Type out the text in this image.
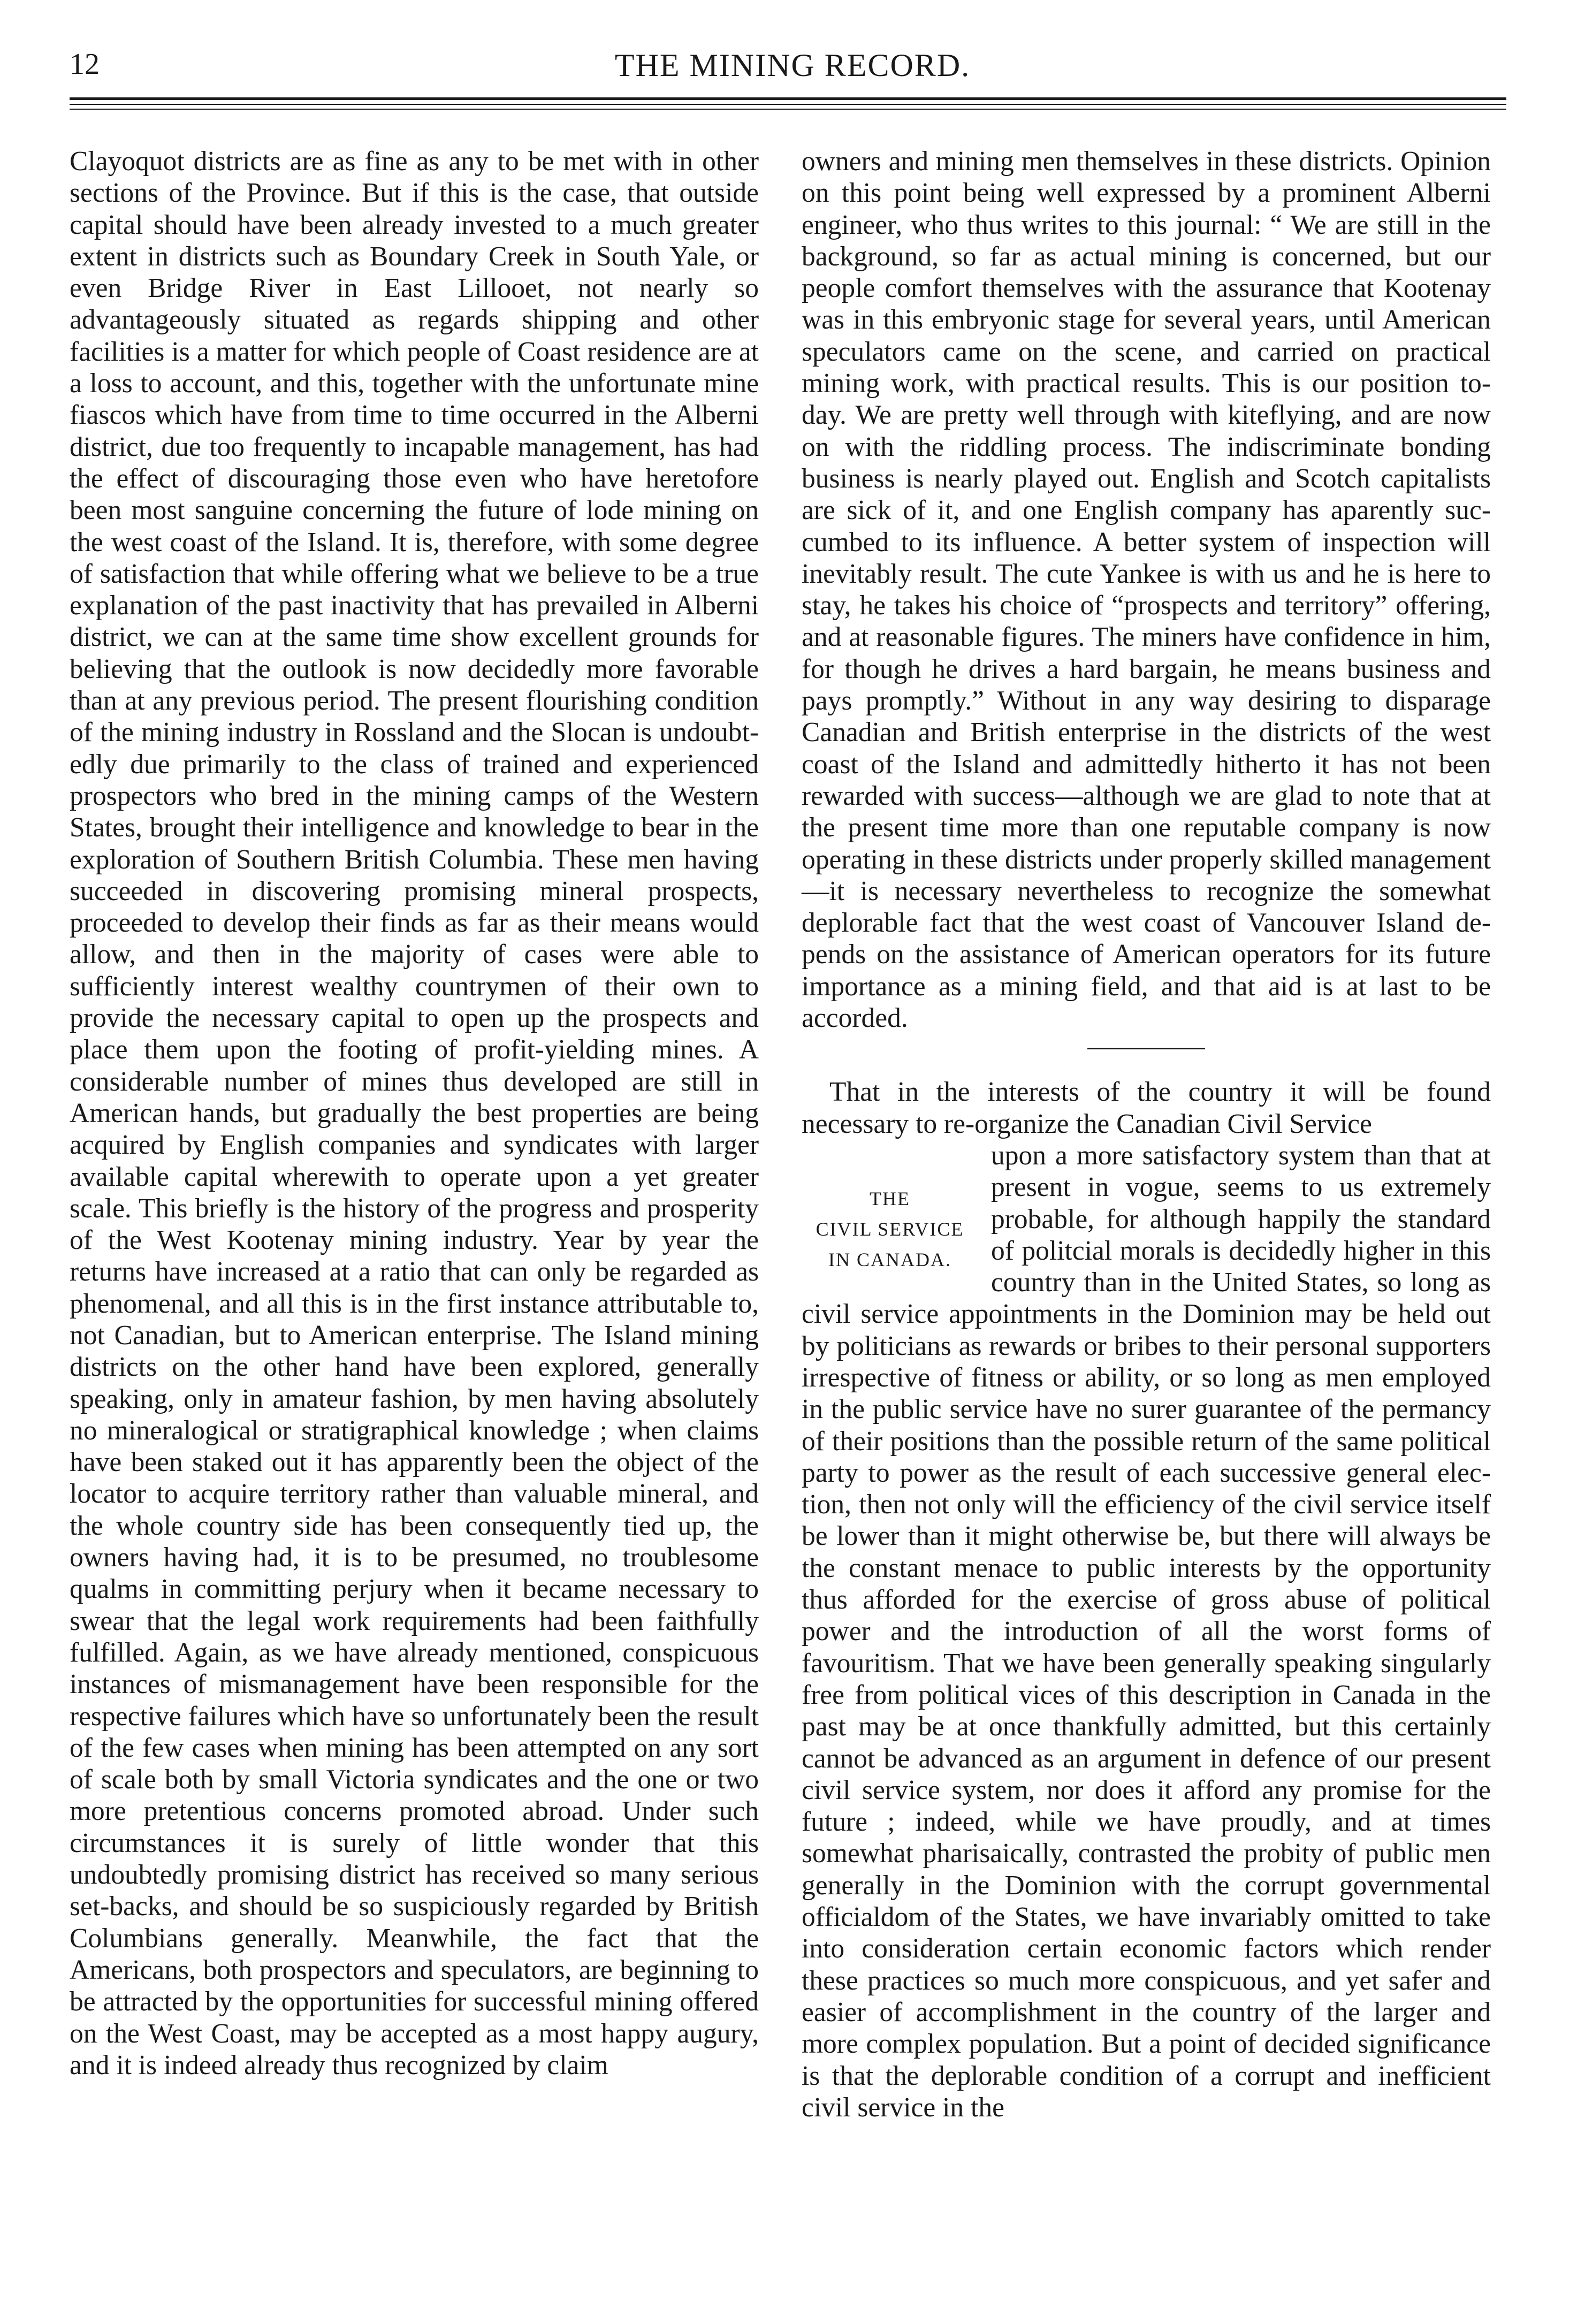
12	THE MINING RECORD.

Clayoquot districts are as fine as any to be met with in other sections of the Province. But if this is the case, that outside capital should have been already invested to a much greater extent in districts such as Boundary Creek in South Yale, or even Bridge River in East Lillooet, not nearly so advantageously situated as regards shipping and other facilities is a matter for which people of Coast residence are at a loss to account, and this, together with the unfortunate mine fiascos which have from time to time occurred in the Alberni district, due too frequently to incapable management, has had the effect of discouraging those even who have heretofore been most sanguine concerning the future of lode mining on the west coast of the Island. It is, therefore, with some degree of satisfaction that while offering what we believe to be a true explanation of the past inactivity that has prevailed in Alberni district, we can at the same time show excellent grounds for believing that the outlook is now decidedly more favorable than at any previous period. The present flourishing condition of the mining industry in Rossland and the Slocan is undoubtedly due primarily to the class of trained and experienced prospectors who bred in the mining camps of the Western States, brought their intelligence and knowledge to bear in the exploration of Southern British Columbia. These men having succeeded in discovering promising mineral prospects, proceeded to develop their finds as far as their means would allow, and then in the majority of cases were able to sufficiently interest wealthy countrymen of their own to provide the necessary capital to open up the prospects and place them upon the footing of profit-yielding mines. A considerable number of mines thus developed are still in American hands, but gradually the best properties are being acquired by English companies and syndicates with larger available capital wherewith to operate upon a yet greater scale. This briefly is the history of the progress and prosperity of the West Kootenay mining industry. Year by year the returns have increased at a ratio that can only be regarded as phenomenal, and all this is in the first instance attributable to, not Canadian, but to American enterprise. The Island mining districts on the other hand have been explored, generally speaking, only in amateur fashion, by men having absolutely no mineralogical or stratigraphical knowledge ; when claims have been staked out it has apparently been the object of the locator to acquire territory rather than valuable mineral, and the whole country side has been consequently tied up, the owners having had, it is to be presumed, no troublesome qualms in committing perjury when it became necessary to swear that the legal work requirements had been faithfully fulfilled. Again, as we have already mentioned, conspicuous instances of mismanagement have been responsible for the respective failures which have so unfortunately been the result of the few cases when mining has been attempted on any sort of scale both by small Victoria syndicates and the one or two more pretentious concerns promoted abroad. Under such circumstances it is surely of little wonder that this undoubtedly promising district has received so many serious set-backs, and should be so suspiciously regarded by British Columbians generally. Meanwhile, the fact that the Americans, both prospectors and speculators, are beginning to be attracted by the opportunities for successful mining offered on the West Coast, may be accepted as a most happy augury, and it is indeed already thus recognized by claim

owners and mining men themselves in these districts. Opinion on this point being well expressed by a prominent Alberni engineer, who thus writes to this journal: “ We are still in the background, so far as actual mining is concerned, but our people comfort themselves with the assurance that Kootenay was in this embryonic stage for several years, until American speculators came on the scene, and carried on practical mining work, with practical results. This is our position to-day. We are pretty well through with kiteflying, and are now on with the riddling process. The indiscriminate bonding business is nearly played out. English and Scotch capitalists are sick of it, and one English company has aparently succumbed to its influence. A better system of inspection will inevitably result. The cute Yankee is with us and he is here to stay, he takes his choice of “prospects and territory” offering, and at reasonable figures. The miners have confidence in him, for though he drives a hard bargain, he means business and pays promptly.” Without in any way desiring to disparage Canadian and British enterprise in the districts of the west coast of the Island and admittedly hitherto it has not been rewarded with success—although we are glad to note that at the present time more than one reputable company is now operating in these districts under properly skilled management—it is necessary nevertheless to recognize the somewhat deplorable fact that the west coast of Vancouver Island depends on the assistance of American operators for its future importance as a mining field, and that aid is at last to be accorded.

That in the interests of the country it will be found necessary to re-organize the Canadian Civil Service

THE
CIVIL SERVICE
IN CANADA.

upon a more satisfactory system than that at present in vogue, seems to us extremely probable, for although happily the standard of politcial morals is decidedly higher in this country than in the United States, so long as civil service appointments in the Dominion may be held out by politicians as rewards or bribes to their personal supporters irrespective of fitness or ability, or so long as men employed in the public service have no surer guarantee of the permancy of their positions than the possible return of the same political party to power as the result of each successive general election, then not only will the efficiency of the civil service itself be lower than it might otherwise be, but there will always be the constant menace to public interests by the opportunity thus afforded for the exercise of gross abuse of political power and the introduction of all the worst forms of favouritism. That we have been generally speaking singularly free from political vices of this description in Canada in the past may be at once thankfully admitted, but this certainly cannot be advanced as an argument in defence of our present civil service system, nor does it afford any promise for the future ; indeed, while we have proudly, and at times somewhat pharisaically, contrasted the probity of public men generally in the Dominion with the corrupt governmental officialdom of the States, we have invariably omitted to take into consideration certain economic factors which render these practices so much more conspicuous, and yet safer and easier of accomplishment in the country of the larger and more complex population. But a point of decided significance is that the deplorable condition of a corrupt and inefficient civil service in the
